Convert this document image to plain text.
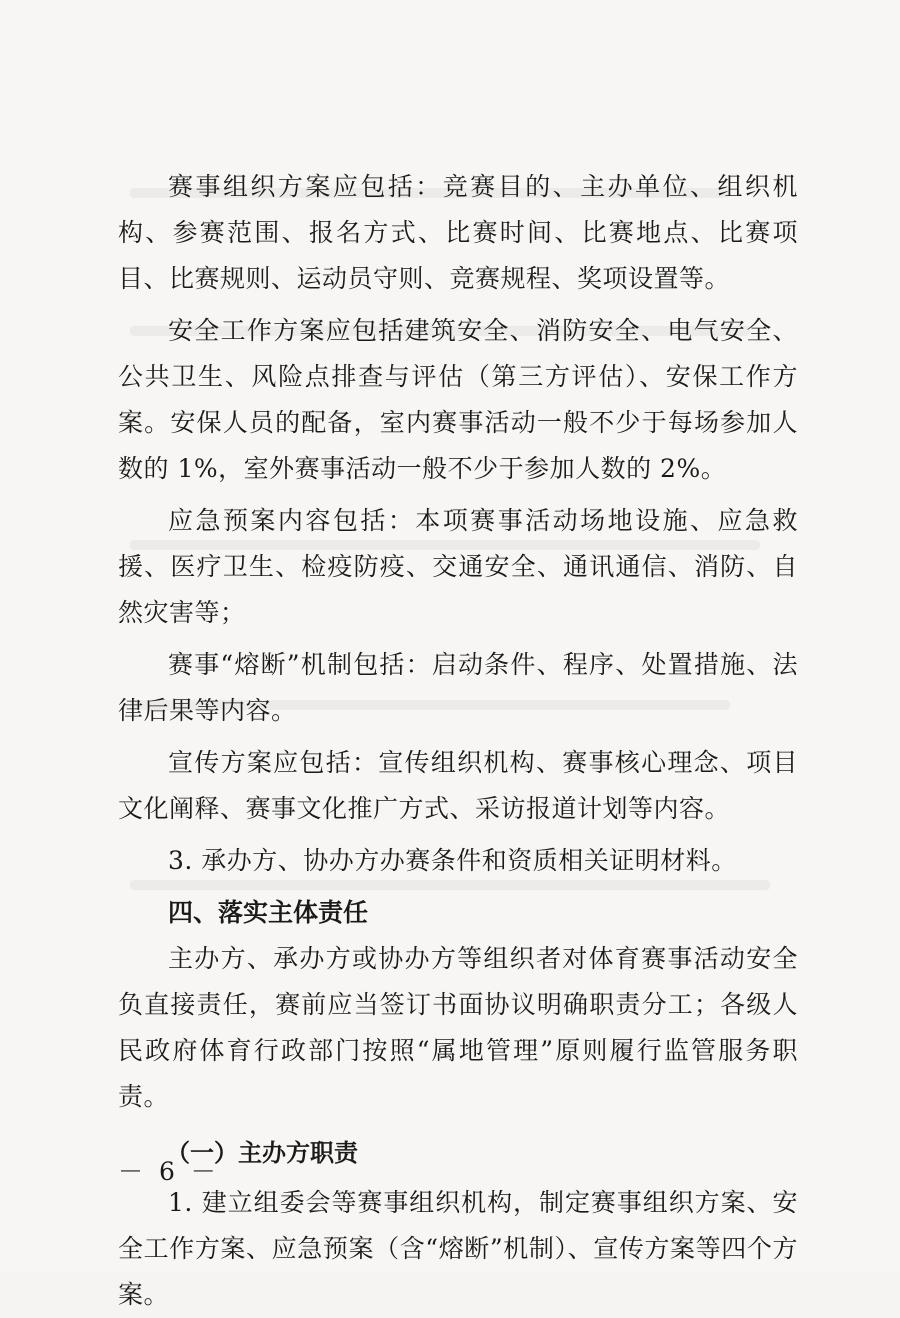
赛事组织方案应包括：竞赛目的、主办单位、组织机构、参赛范围、报名方式、比赛时间、比赛地点、比赛项目、比赛规则、运动员守则、竞赛规程、奖项设置等。

安全工作方案应包括建筑安全、消防安全、电气安全、公共卫生、风险点排查与评估（第三方评估）、安保工作方案。安保人员的配备，室内赛事活动一般不少于每场参加人数的 1%，室外赛事活动一般不少于参加人数的 2%。

应急预案内容包括：本项赛事活动场地设施、应急救援、医疗卫生、检疫防疫、交通安全、通讯通信、消防、自然灾害等；

赛事“熔断”机制包括：启动条件、程序、处置措施、法律后果等内容。

宣传方案应包括：宣传组织机构、赛事核心理念、项目文化阐释、赛事文化推广方式、采访报道计划等内容。

3. 承办方、协办方办赛条件和资质相关证明材料。

四、落实主体责任

主办方、承办方或协办方等组织者对体育赛事活动安全负直接责任，赛前应当签订书面协议明确职责分工；各级人民政府体育行政部门按照“属地管理”原则履行监管服务职责。

（一）主办方职责

1. 建立组委会等赛事组织机构，制定赛事组织方案、安全工作方案、应急预案（含“熔断”机制）、宣传方案等四个方案。

－ 6 －
